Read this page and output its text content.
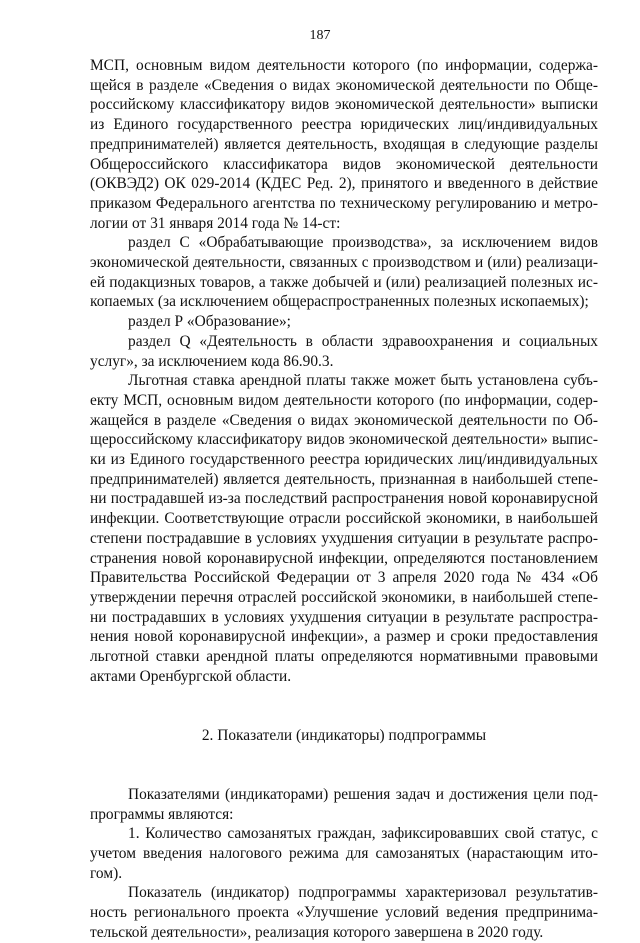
187

МСП, основным видом деятельности которого (по информации, содержащейся в разделе «Сведения о видах экономической деятельности по Общероссийскому классификатору видов экономической деятельности» выписки из Единого государственного реестра юридических лиц/индивидуальных предпринимателей) является деятельность, входящая в следующие разделы Общероссийского классификатора видов экономической деятельности (ОКВЭД2) ОК 029-2014 (КДЕС Ред. 2), принятого и введенного в действие приказом Федерального агентства по техническому регулированию и метрологии от 31 января 2014 года № 14-ст:

раздел С «Обрабатывающие производства», за исключением видов экономической деятельности, связанных с производством и (или) реализацией подакцизных товаров, а также добычей и (или) реализацией полезных ископаемых (за исключением общераспространенных полезных ископаемых);

раздел Р «Образование»;

раздел Q «Деятельность в области здравоохранения и социальных услуг», за исключением кода 86.90.3.

Льготная ставка арендной платы также может быть установлена субъекту МСП, основным видом деятельности которого (по информации, содержащейся в разделе «Сведения о видах экономической деятельности по Общероссийскому классификатору видов экономической деятельности» выписки из Единого государственного реестра юридических лиц/индивидуальных предпринимателей) является деятельность, признанная в наибольшей степени пострадавшей из-за последствий распространения новой коронавирусной инфекции. Соответствующие отрасли российской экономики, в наибольшей степени пострадавшие в условиях ухудшения ситуации в результате распространения новой коронавирусной инфекции, определяются постановлением Правительства Российской Федерации от 3 апреля 2020 года № 434 «Об утверждении перечня отраслей российской экономики, в наибольшей степени пострадавших в условиях ухудшения ситуации в результате распространения новой коронавирусной инфекции», а размер и сроки предоставления льготной ставки арендной платы определяются нормативными правовыми актами Оренбургской области.

2. Показатели (индикаторы) подпрограммы

Показателями (индикаторами) решения задач и достижения цели подпрограммы являются:

1. Количество самозанятых граждан, зафиксировавших свой статус, с учетом введения налогового режима для самозанятых (нарастающим итогом).

Показатель (индикатор) подпрограммы характеризовал результативность регионального проекта «Улучшение условий ведения предпринимательской деятельности», реализация которого завершена в 2020 году.
